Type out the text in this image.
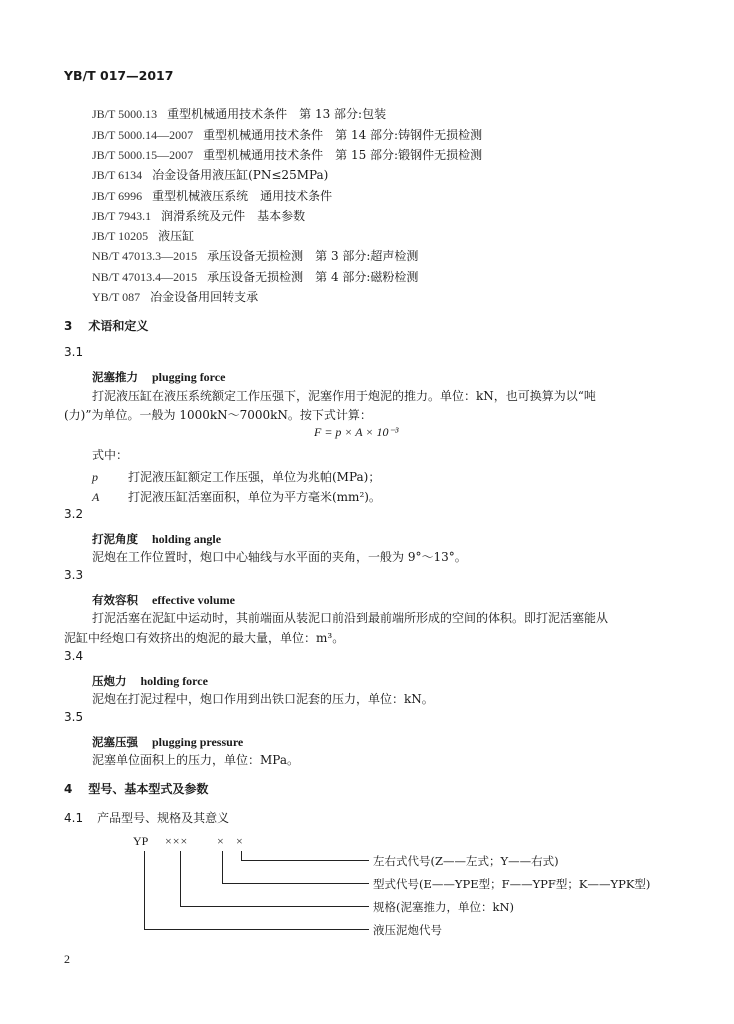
YB/T 017—2017
JB/T 5000.13 重型机械通用技术条件　第 13 部分:包装
JB/T 5000.14—2007 重型机械通用技术条件　第 14 部分:铸钢件无损检测
JB/T 5000.15—2007 重型机械通用技术条件　第 15 部分:锻钢件无损检测
JB/T 6134 冶金设备用液压缸(PN≤25MPa)
JB/T 6996 重型机械液压系统　通用技术条件
JB/T 7943.1 润滑系统及元件　基本参数
JB/T 10205 液压缸
NB/T 47013.3—2015 承压设备无损检测　第 3 部分:超声检测
NB/T 47013.4—2015 承压设备无损检测　第 4 部分:磁粉检测
YB/T 087 冶金设备用回转支承
3 术语和定义
3.1
泥塞推力 plugging force
打泥液压缸在液压系统额定工作压强下，泥塞作用于炮泥的推力。单位：kN，也可换算为以“吨
(力)”为单位。一般为 1000kN～7000kN。按下式计算：
F = p × A × 10⁻³
式中：
p	打泥液压缸额定工作压强，单位为兆帕(MPa)；
A 打泥液压缸活塞面积，单位为平方毫米(mm²)。
3.2
打泥角度 holding angle
泥炮在工作位置时，炮口中心轴线与水平面的夹角，一般为 9°～13°。
3.3
有效容积 effective volume
打泥活塞在泥缸中运动时，其前端面从装泥口前沿到最前端所形成的空间的体积。即打泥活塞能从
泥缸中经炮口有效挤出的炮泥的最大量，单位：m³。
3.4
压炮力 holding force
泥炮在打泥过程中，炮口作用到出铁口泥套的压力，单位：kN。
3.5
泥塞压强 plugging pressure
泥塞单位面积上的压力，单位：MPa。
4 型号、基本型式及参数
4.1 产品型号、规格及其意义
YP ××× × ×
左右式代号(Z——左式；Y——右式)
型式代号(E——YPE型；F——YPF型；K——YPK型)
规格(泥塞推力，单位：kN)
液压泥炮代号
2
